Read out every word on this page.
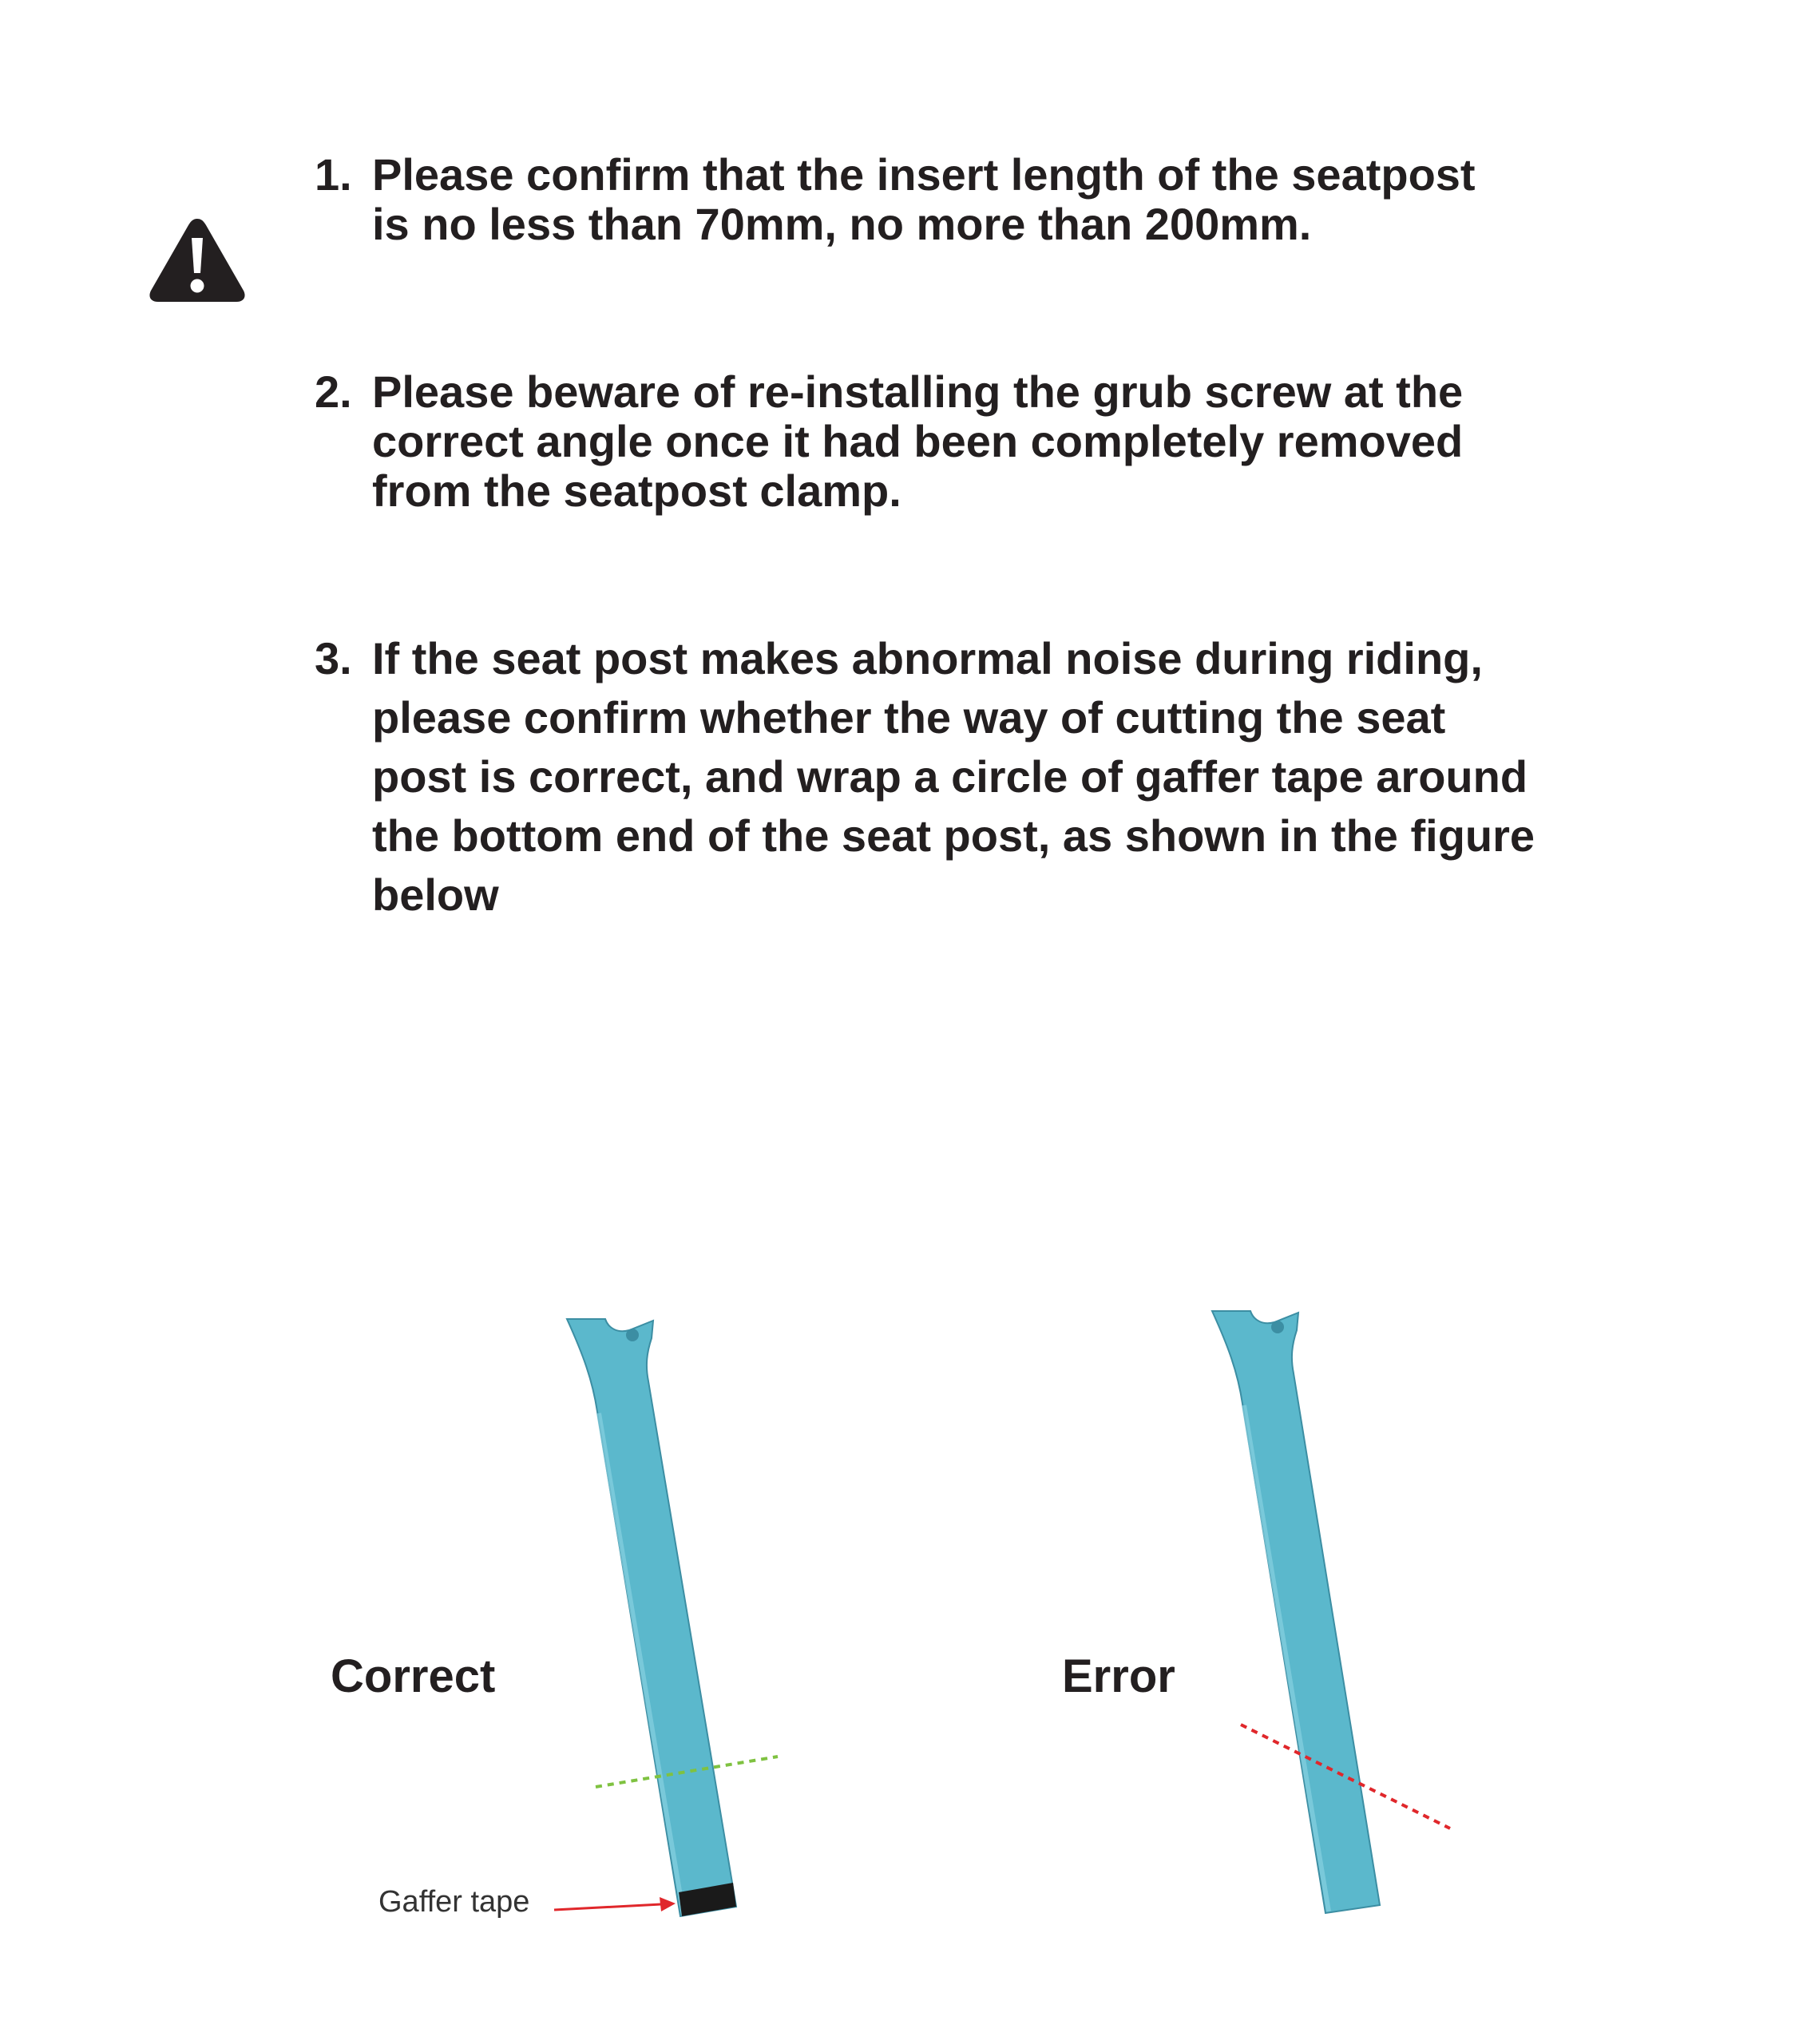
1. Please confirm that the insert length of the seatpost
is no less than 70mm, no more than 200mm.
2. Please beware of re-installing the grub screw at the
correct angle once it had been completely removed
from the seatpost clamp.
3. If the seat post makes abnormal noise during riding,
please confirm whether the way of cutting the seat
post is correct, and wrap a circle of gaffer tape around
the bottom end of the seat post, as shown in the figure
below
Correct	Error
Gaffer tape
